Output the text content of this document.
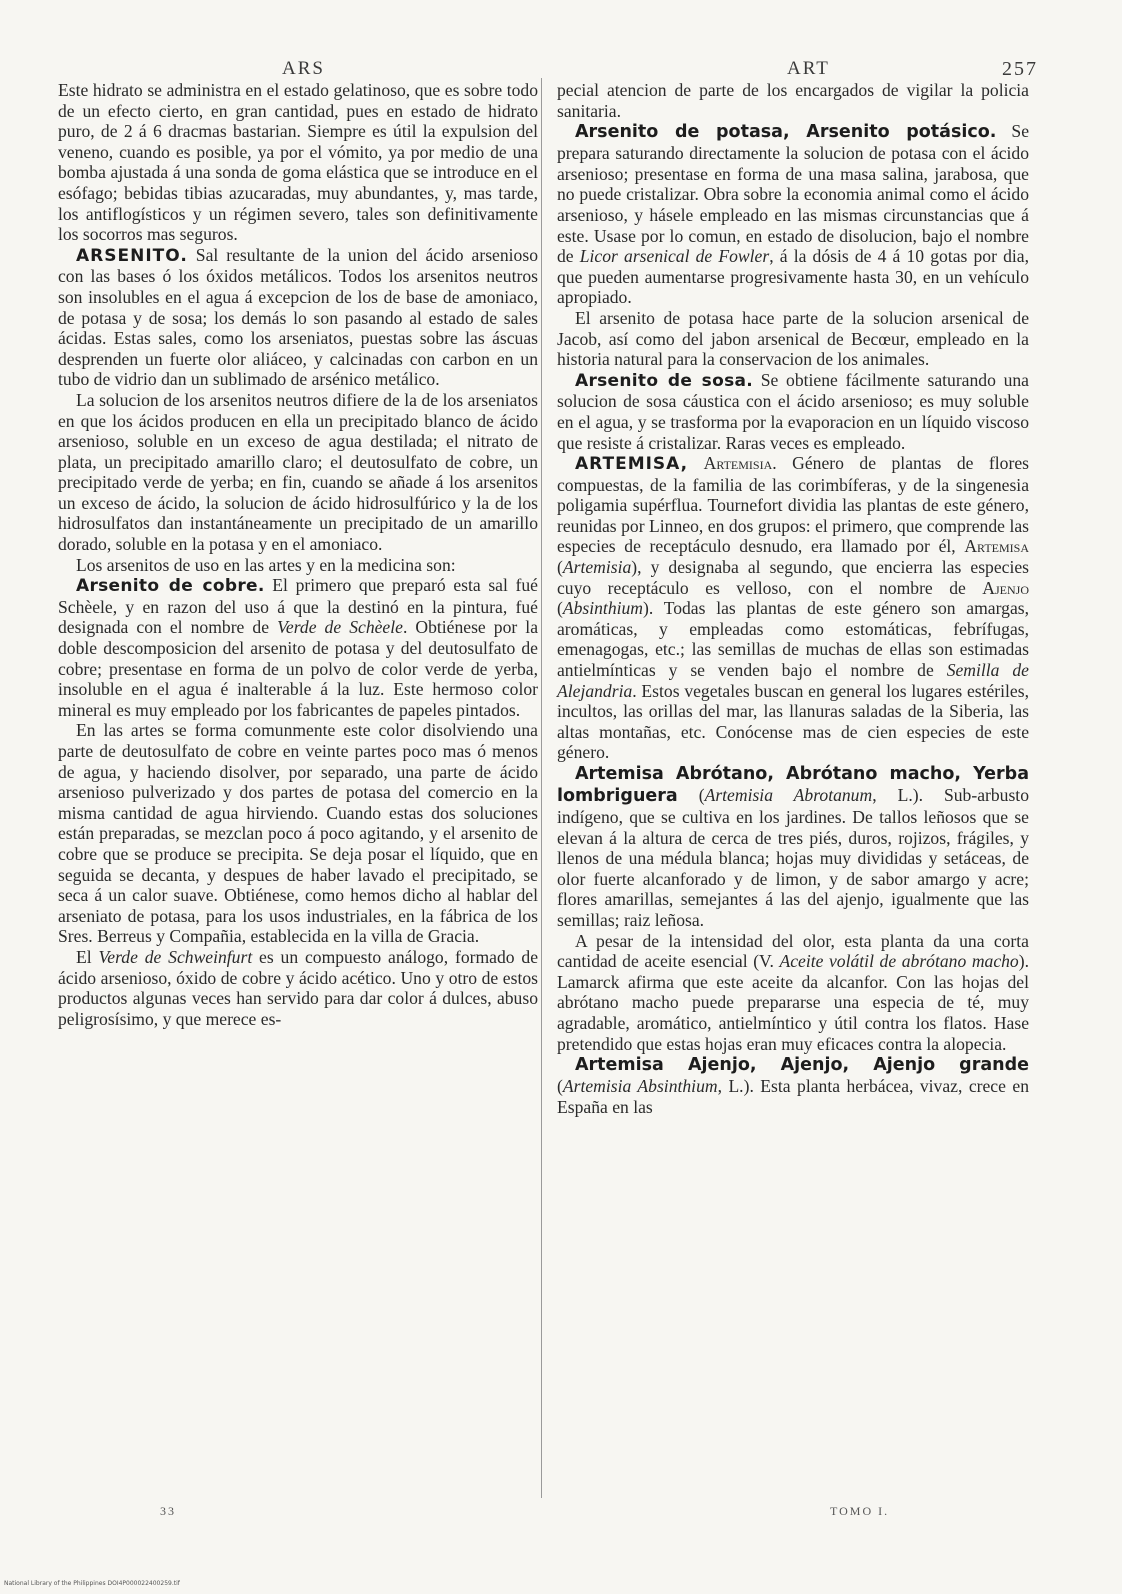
ARS	ART	257

Este hidrato se administra en el estado gelatinoso, que es sobre todo de un efecto cierto, en gran cantidad, pues en estado de hidrato puro, de 2 á 6 dracmas bastarian. Siempre es útil la expulsion del veneno, cuando es posible, ya por el vómito, ya por medio de una bomba ajustada á una sonda de goma elástica que se introduce en el esófago; bebidas tibias azucaradas, muy abundantes, y, mas tarde, los antiflogísticos y un régimen severo, tales son definitivamente los socorros mas seguros.

ARSENITO. Sal resultante de la union del ácido arsenioso con las bases ó los óxidos metálicos. Todos los arsenitos neutros son insolubles en el agua á excepcion de los de base de amoniaco, de potasa y de sosa; los demás lo son pasando al estado de sales ácidas. Estas sales, como los arseniatos, puestas sobre las áscuas desprenden un fuerte olor aliáceo, y calcinadas con carbon en un tubo de vidrio dan un sublimado de arsénico metálico.

La solucion de los arsenitos neutros difiere de la de los arseniatos en que los ácidos producen en ella un precipitado blanco de ácido arsenioso, soluble en un exceso de agua destilada; el nitrato de plata, un precipitado amarillo claro; el deutosulfato de cobre, un precipitado verde de yerba; en fin, cuando se añade á los arsenitos un exceso de ácido, la solucion de ácido hidrosulfúrico y la de los hidrosulfatos dan instantáneamente un precipitado de un amarillo dorado, soluble en la potasa y en el amoniaco.

Los arsenitos de uso en las artes y en la medicina son:

Arsenito de cobre. El primero que preparó esta sal fué Schèele, y en razon del uso á que la destinó en la pintura, fué designada con el nombre de Verde de Schèele. Obtiénese por la doble descomposicion del arsenito de potasa y del deutosulfato de cobre; presentase en forma de un polvo de color verde de yerba, insoluble en el agua é inalterable á la luz. Este hermoso color mineral es muy empleado por los fabricantes de papeles pintados.

En las artes se forma comunmente este color disolviendo una parte de deutosulfato de cobre en veinte partes poco mas ó menos de agua, y haciendo disolver, por separado, una parte de ácido arsenioso pulverizado y dos partes de potasa del comercio en la misma cantidad de agua hirviendo. Cuando estas dos soluciones están preparadas, se mezclan poco á poco agitando, y el arsenito de cobre que se produce se precipita. Se deja posar el líquido, que en seguida se decanta, y despues de haber lavado el precipitado, se seca á un calor suave. Obtiénese, como hemos dicho al hablar del arseniato de potasa, para los usos industriales, en la fábrica de los Sres. Berreus y Compañia, establecida en la villa de Gracia.

El Verde de Schweinfurt es un compuesto análogo, formado de ácido arsenioso, óxido de cobre y ácido acético. Uno y otro de estos productos algunas veces han servido para dar color á dulces, abuso peligrosísimo, y que merece es-

pecial atencion de parte de los encargados de vigilar la policia sanitaria.

Arsenito de potasa, Arsenito potásico. Se prepara saturando directamente la solucion de potasa con el ácido arsenioso; presentase en forma de una masa salina, jarabosa, que no puede cristalizar. Obra sobre la economia animal como el ácido arsenioso, y hásele empleado en las mismas circunstancias que á este. Usase por lo comun, en estado de disolucion, bajo el nombre de Licor arsenical de Fowler, á la dósis de 4 á 10 gotas por dia, que pueden aumentarse progresivamente hasta 30, en un vehículo apropiado.

El arsenito de potasa hace parte de la solucion arsenical de Jacob, así como del jabon arsenical de Becœur, empleado en la historia natural para la conservacion de los animales.

Arsenito de sosa. Se obtiene fácilmente saturando una solucion de sosa cáustica con el ácido arsenioso; es muy soluble en el agua, y se trasforma por la evaporacion en un líquido viscoso que resiste á cristalizar. Raras veces es empleado.

ARTEMISA, Artemisia. Género de plantas de flores compuestas, de la familia de las corimbíferas, y de la singenesia poligamia supérflua. Tournefort dividia las plantas de este género, reunidas por Linneo, en dos grupos: el primero, que comprende las especies de receptáculo desnudo, era llamado por él, Artemisa (Artemisia), y designaba al segundo, que encierra las especies cuyo receptáculo es velloso, con el nombre de Ajenjo (Absinthium). Todas las plantas de este género son amargas, aromáticas, y empleadas como estomáticas, febrífugas, emenagogas, etc.; las semillas de muchas de ellas son estimadas antielmínticas y se venden bajo el nombre de Semilla de Alejandria. Estos vegetales buscan en general los lugares estériles, incultos, las orillas del mar, las llanuras saladas de la Siberia, las altas montañas, etc. Conócense mas de cien especies de este género.

Artemisa Abrótano, Abrótano macho, Yerba lombriguera (Artemisia Abrotanum, L.). Sub-arbusto indígeno, que se cultiva en los jardines. De tallos leñosos que se elevan á la altura de cerca de tres piés, duros, rojizos, frágiles, y llenos de una médula blanca; hojas muy divididas y setáceas, de olor fuerte alcanforado y de limon, y de sabor amargo y acre; flores amarillas, semejantes á las del ajenjo, igualmente que las semillas; raiz leñosa.

A pesar de la intensidad del olor, esta planta da una corta cantidad de aceite esencial (V. Aceite volátil de abrótano macho). Lamarck afirma que este aceite da alcanfor. Con las hojas del abrótano macho puede prepararse una especia de té, muy agradable, aromático, antielmíntico y útil contra los flatos. Hase pretendido que estas hojas eran muy eficaces contra la alopecia.

Artemisa Ajenjo, Ajenjo, Ajenjo grande (Artemisia Absinthium, L.). Esta planta herbácea, vivaz, crece en España en las

33	TOMO I.
National Library of the Philippines DOI4P000022400259.tif
